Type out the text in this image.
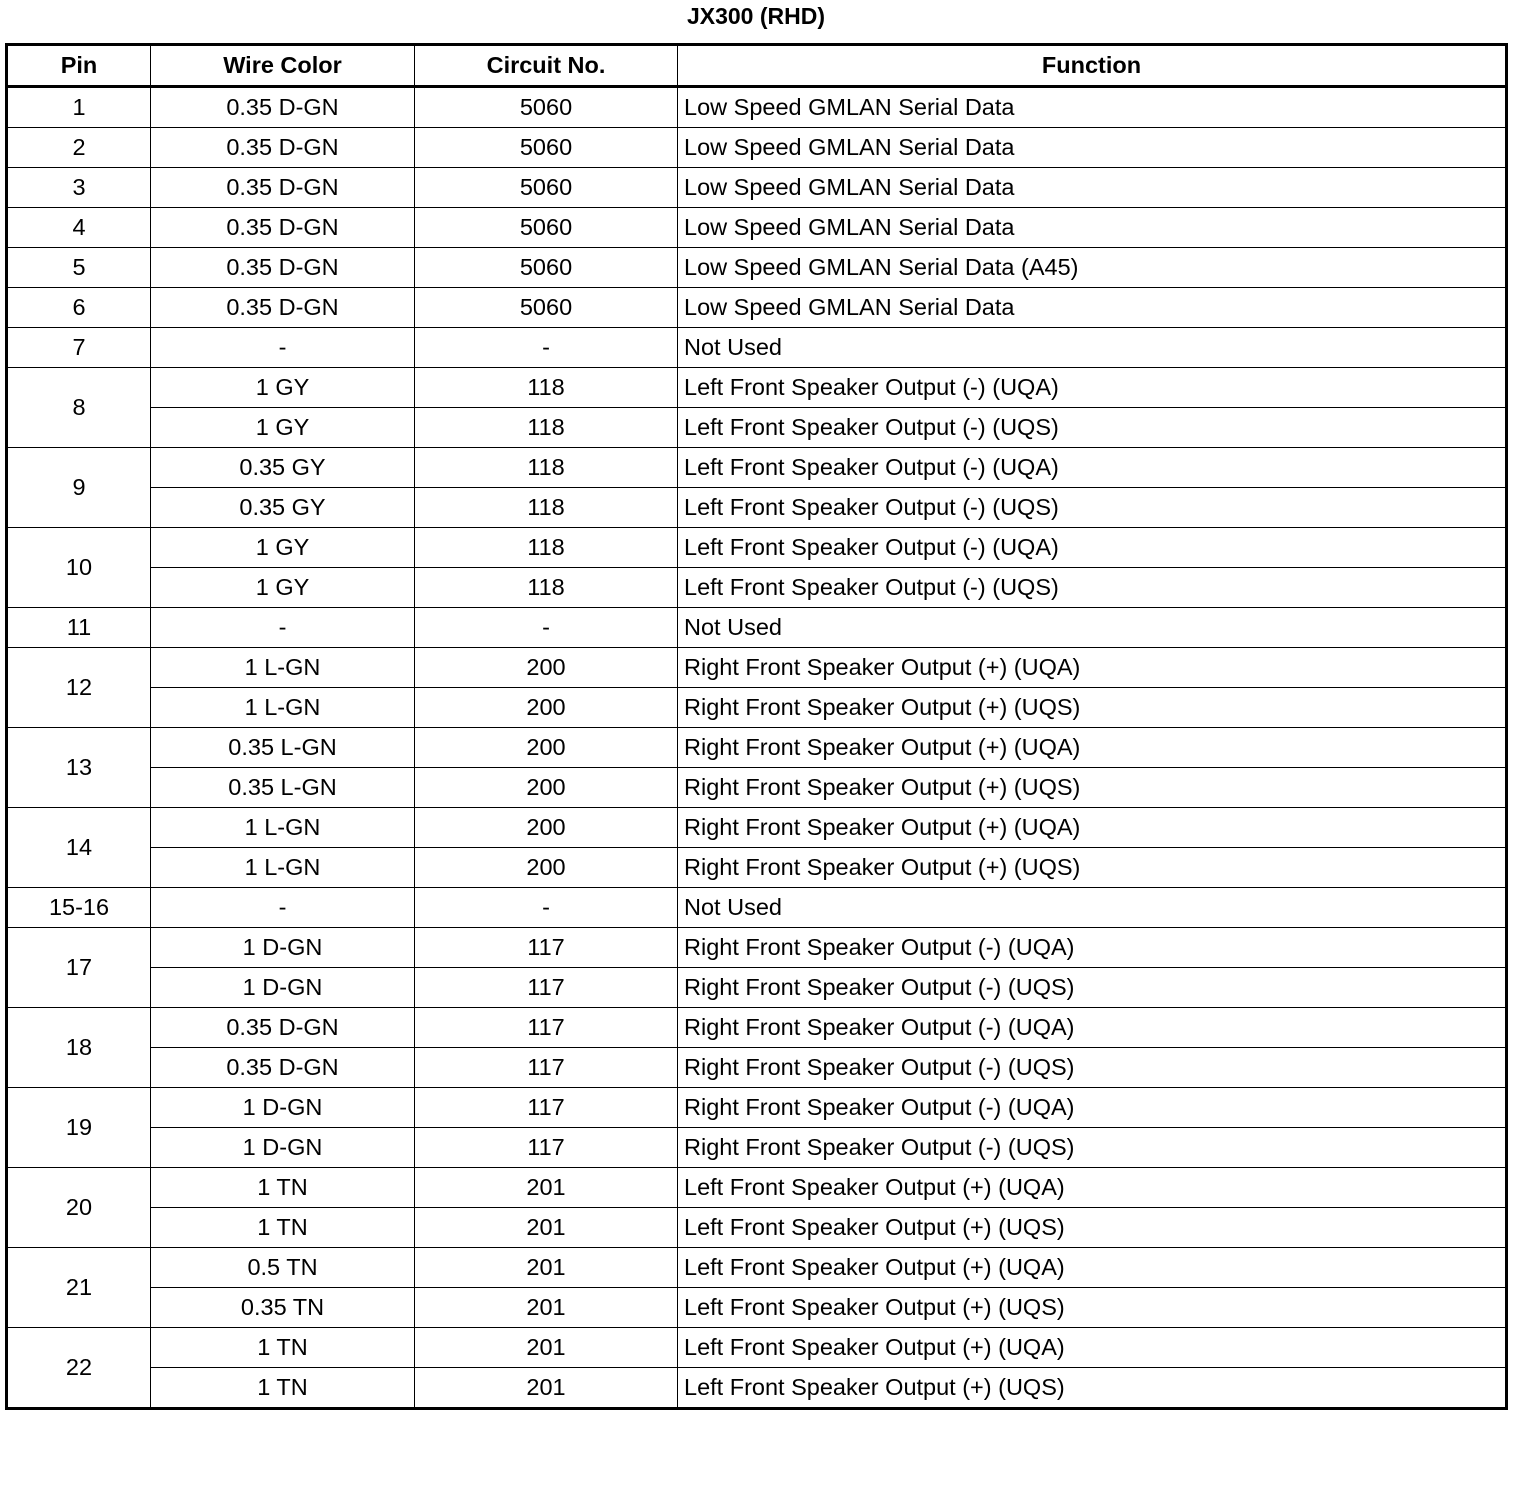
JX300 (RHD)
Pin	Wire Color	Circuit No.	Function
1	0.35 D-GN	5060	Low Speed GMLAN Serial Data
2	0.35 D-GN	5060	Low Speed GMLAN Serial Data
3	0.35 D-GN	5060	Low Speed GMLAN Serial Data
4	0.35 D-GN	5060	Low Speed GMLAN Serial Data
5	0.35 D-GN	5060	Low Speed GMLAN Serial Data (A45)
6	0.35 D-GN	5060	Low Speed GMLAN Serial Data
7	-	-	Not Used
8	1 GY	118	Left Front Speaker Output (-) (UQA)
	1 GY	118	Left Front Speaker Output (-) (UQS)
9	0.35 GY	118	Left Front Speaker Output (-) (UQA)
	0.35 GY	118	Left Front Speaker Output (-) (UQS)
10	1 GY	118	Left Front Speaker Output (-) (UQA)
	1 GY	118	Left Front Speaker Output (-) (UQS)
11	-	-	Not Used
12	1 L-GN	200	Right Front Speaker Output (+) (UQA)
	1 L-GN	200	Right Front Speaker Output (+) (UQS)
13	0.35 L-GN	200	Right Front Speaker Output (+) (UQA)
	0.35 L-GN	200	Right Front Speaker Output (+) (UQS)
14	1 L-GN	200	Right Front Speaker Output (+) (UQA)
	1 L-GN	200	Right Front Speaker Output (+) (UQS)
15-16	-	-	Not Used
17	1 D-GN	117	Right Front Speaker Output (-) (UQA)
	1 D-GN	117	Right Front Speaker Output (-) (UQS)
18	0.35 D-GN	117	Right Front Speaker Output (-) (UQA)
	0.35 D-GN	117	Right Front Speaker Output (-) (UQS)
19	1 D-GN	117	Right Front Speaker Output (-) (UQA)
	1 D-GN	117	Right Front Speaker Output (-) (UQS)
20	1 TN	201	Left Front Speaker Output (+) (UQA)
	1 TN	201	Left Front Speaker Output (+) (UQS)
21	0.5 TN	201	Left Front Speaker Output (+) (UQA)
	0.35 TN	201	Left Front Speaker Output (+) (UQS)
22	1 TN	201	Left Front Speaker Output (+) (UQA)
	1 TN	201	Left Front Speaker Output (+) (UQS)
